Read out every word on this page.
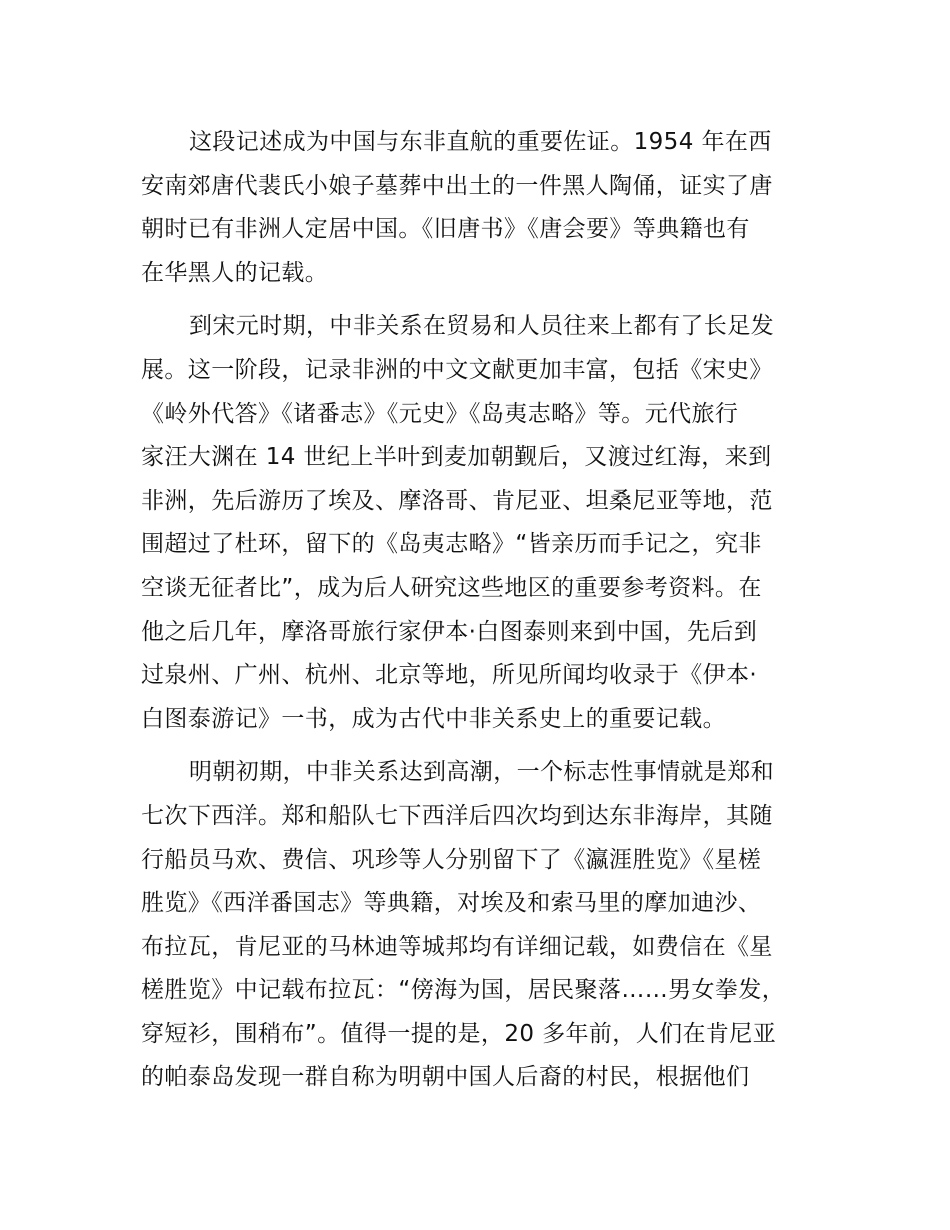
这段记述成为中国与东非直航的重要佐证。1954 年在西
安南郊唐代裴氏小娘子墓葬中出土的一件黑人陶俑，证实了唐
朝时已有非洲人定居中国。《旧唐书》《唐会要》等典籍也有
在华黑人的记载。
到宋元时期，中非关系在贸易和人员往来上都有了长足发
展。这一阶段，记录非洲的中文文献更加丰富，包括《宋史》
《岭外代答》《诸番志》《元史》《岛夷志略》等。元代旅行
家汪大渊在 14 世纪上半叶到麦加朝觐后，又渡过红海，来到
非洲，先后游历了埃及、摩洛哥、肯尼亚、坦桑尼亚等地，范
围超过了杜环，留下的《岛夷志略》“皆亲历而手记之，究非
空谈无征者比”，成为后人研究这些地区的重要参考资料。在
他之后几年，摩洛哥旅行家伊本·白图泰则来到中国，先后到
过泉州、广州、杭州、北京等地，所见所闻均收录于《伊本·
白图泰游记》一书，成为古代中非关系史上的重要记载。
明朝初期，中非关系达到高潮，一个标志性事情就是郑和
七次下西洋。郑和船队七下西洋后四次均到达东非海岸，其随
行船员马欢、费信、巩珍等人分别留下了《瀛涯胜览》《星槎
胜览》《西洋番国志》等典籍，对埃及和索马里的摩加迪沙、
布拉瓦，肯尼亚的马林迪等城邦均有详细记载，如费信在《星
槎胜览》中记载布拉瓦：“傍海为国，居民聚落……男女拳发，
穿短衫，围稍布”。值得一提的是，20 多年前，人们在肯尼亚
的帕泰岛发现一群自称为明朝中国人后裔的村民，根据他们
